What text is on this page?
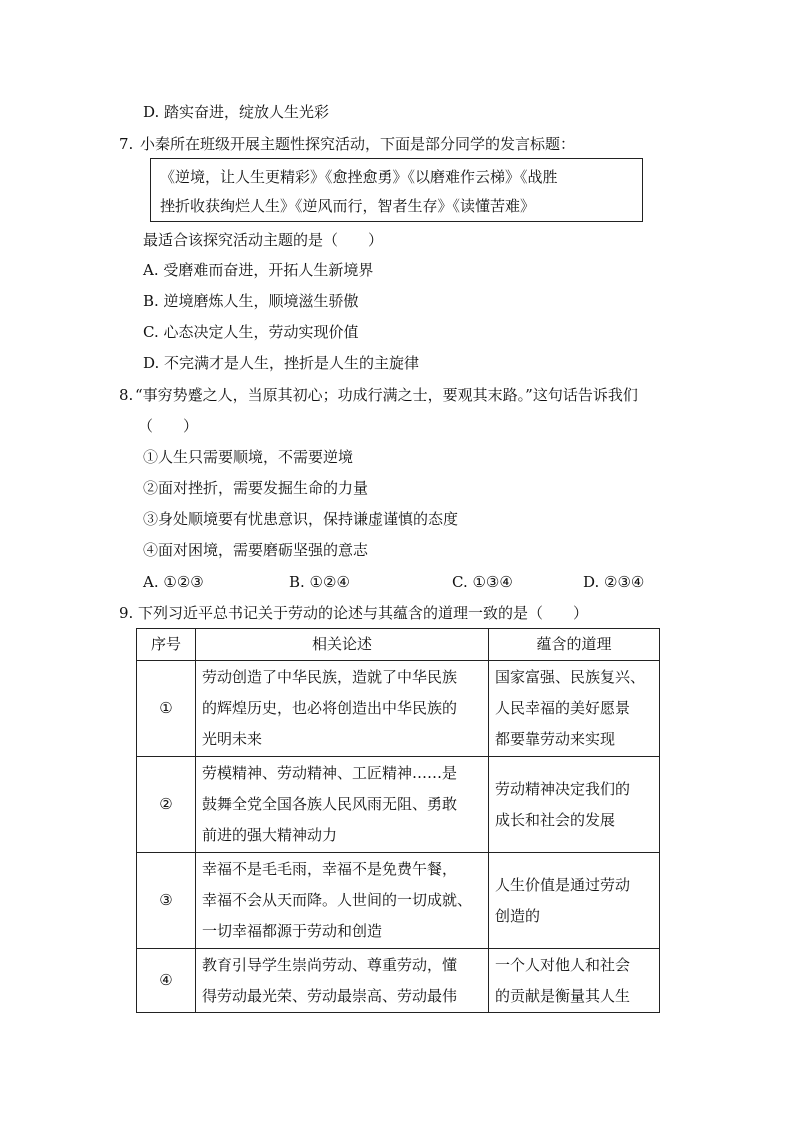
D. 踏实奋进，绽放人生光彩
7. 小秦所在班级开展主题性探究活动，下面是部分同学的发言标题：
《逆境，让人生更精彩》《愈挫愈勇》《以磨难作云梯》《战胜
挫折收获绚烂人生》《逆风而行，智者生存》《读懂苦难》
最适合该探究活动主题的是（　　）
A. 受磨难而奋进，开拓人生新境界
B. 逆境磨炼人生，顺境滋生骄傲
C. 心态决定人生，劳动实现价值
D. 不完满才是人生，挫折是人生的主旋律
8. “事穷势蹙之人，当原其初心；功成行满之士，要观其末路。”这句话告诉我们
（　　）
①人生只需要顺境，不需要逆境
②面对挫折，需要发掘生命的力量
③身处顺境要有忧患意识，保持谦虚谨慎的态度
④面对困境，需要磨砺坚强的意志
A. ①②③	B. ①②④	C. ①③④	D. ②③④
9. 下列习近平总书记关于劳动的论述与其蕴含的道理一致的是（　　）
序号	相关论述	蕴含的道理
①	劳动创造了中华民族，造就了中华民族
的辉煌历史，也必将创造出中华民族的
光明未来	国家富强、民族复兴、
人民幸福的美好愿景
都要靠劳动来实现

②	劳模精神、劳动精神、工匠精神……是
鼓舞全党全国各族人民风雨无阻、勇敢
前进的强大精神动力	劳动精神决定我们的
成长和社会的发展

③	幸福不是毛毛雨，幸福不是免费午餐，
幸福不会从天而降。人世间的一切成就、
一切幸福都源于劳动和创造	人生价值是通过劳动
创造的

④	教育引导学生崇尚劳动、尊重劳动，懂
得劳动最光荣、劳动最崇高、劳动最伟	一个人对他人和社会
的贡献是衡量其人生
